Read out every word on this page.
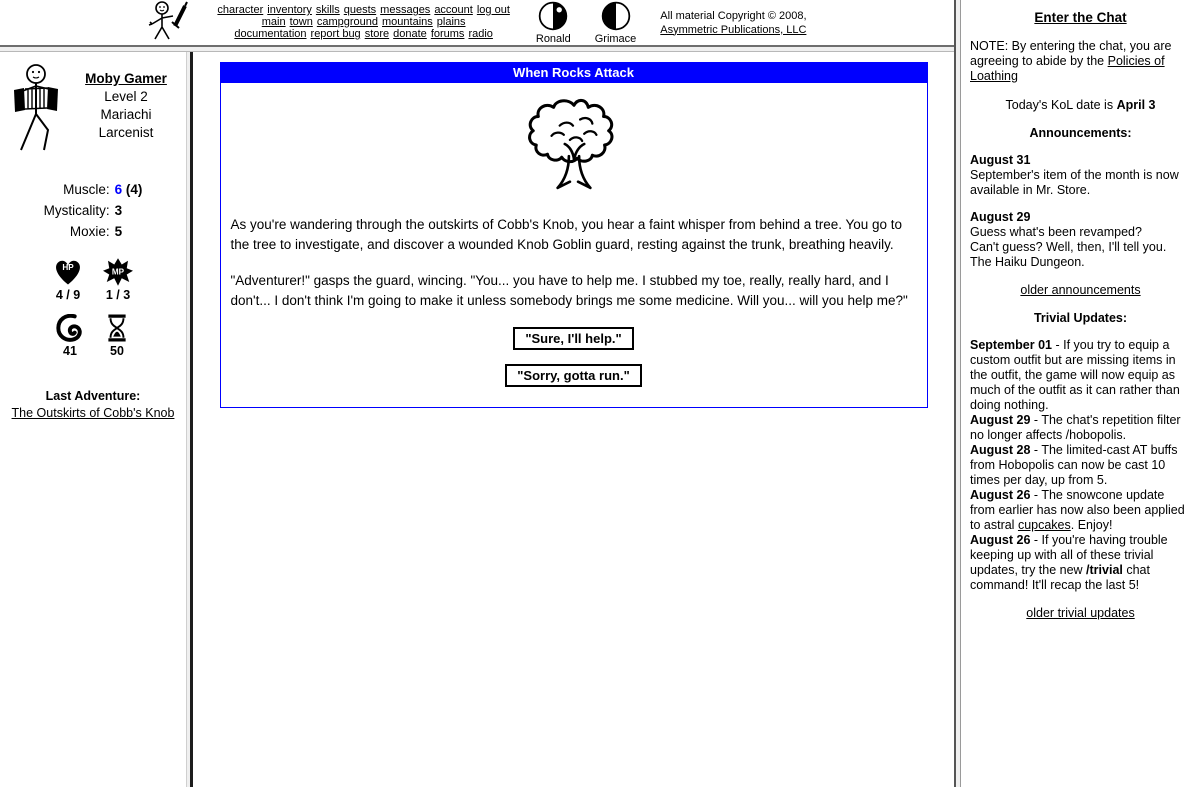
character inventory skills quests messages account log out
main town campground mountains plains
documentation report bug store donate forums radio	Ronald Grimace
All material Copyright © 2008,
Asymmetric Publications, LLC
Moby Gamer
Level 2
Mariachi
Larcenist
Muscle:	6 (4)
Mysticality:	3
Moxie:	5
HP
4 / 9
MP
1 / 3
41	50
Last Adventure:
The Outskirts of Cobb's Knob
When Rocks Attack

As you're wandering through the outskirts of Cobb's Knob, you hear a faint whisper from behind a tree. You go to the tree to investigate, and discover a wounded Knob Goblin guard, resting against the trunk, breathing heavily.

"Adventurer!" gasps the guard, wincing. "You... you have to help me. I stubbed my toe, really, really hard, and I don't... I don't think I'm going to make it unless somebody brings me some medicine. Will you... will you help me?"

"Sure, I'll help."
"Sorry, gotta run."
Enter the Chat
NOTE: By entering the chat, you are agreeing to abide by the Policies of Loathing
Today's KoL date is April 3
Announcements:
August 31
September's item of the month is now available in Mr. Store.
August 29
Guess what's been revamped?
Can't guess? Well, then, I'll tell you.
The Haiku Dungeon.
older announcements
Trivial Updates:
September 01 - If you try to equip a custom outfit but are missing items in the outfit, the game will now equip as much of the outfit as it can rather than doing nothing.
August 29 - The chat's repetition filter no longer affects /hobopolis.
August 28 - The limited-cast AT buffs from Hobopolis can now be cast 10 times per day, up from 5.
August 26 - The snowcone update from earlier has now also been applied to astral cupcakes. Enjoy!
August 26 - If you're having trouble keeping up with all of these trivial updates, try the new /trivial chat command! It'll recap the last 5!
older trivial updates
